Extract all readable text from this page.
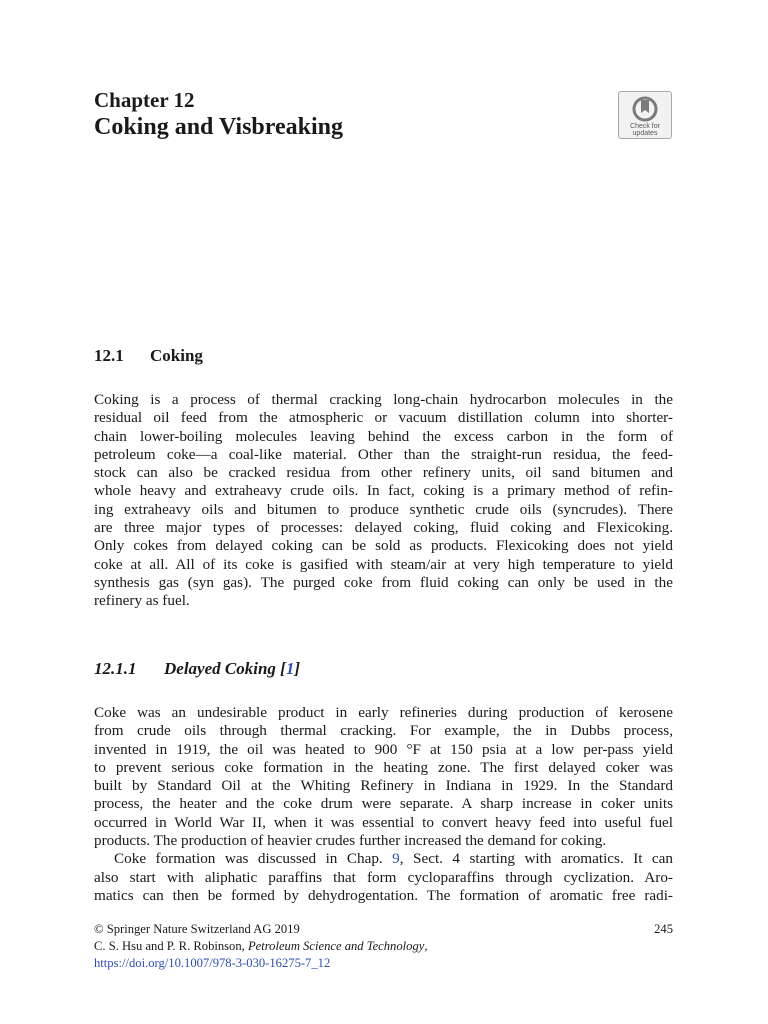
Chapter 12
Coking and Visbreaking	Check for
updates
12.1 Coking
Coking is a process of thermal cracking long-chain hydrocarbon molecules in the
residual oil feed from the atmospheric or vacuum distillation column into shorter-
chain lower-boiling molecules leaving behind the excess carbon in the form of
petroleum coke—a coal-like material. Other than the straight-run residua, the feed-
stock can also be cracked residua from other refinery units, oil sand bitumen and
whole heavy and extraheavy crude oils. In fact, coking is a primary method of refin-
ing extraheavy oils and bitumen to produce synthetic crude oils (syncrudes). There
are three major types of processes: delayed coking, fluid coking and Flexicoking.
Only cokes from delayed coking can be sold as products. Flexicoking does not yield
coke at all. All of its coke is gasified with steam/air at very high temperature to yield
synthesis gas (syn gas). The purged coke from fluid coking can only be used in the
refinery as fuel.
12.1.1 Delayed Coking [1]
Coke was an undesirable product in early refineries during production of kerosene
from crude oils through thermal cracking. For example, the in Dubbs process,
invented in 1919, the oil was heated to 900 °F at 150 psia at a low per-pass yield
to prevent serious coke formation in the heating zone. The first delayed coker was
built by Standard Oil at the Whiting Refinery in Indiana in 1929. In the Standard
process, the heater and the coke drum were separate. A sharp increase in coker units
occurred in World War II, when it was essential to convert heavy feed into useful fuel
products. The production of heavier crudes further increased the demand for coking.
Coke formation was discussed in Chap. 9, Sect. 4 starting with aromatics. It can
also start with aliphatic paraffins that form cycloparaffins through cyclization. Aro-
matics can then be formed by dehydrogentation. The formation of aromatic free radi-
© Springer Nature Switzerland AG 2019	245
C. S. Hsu and P. R. Robinson, Petroleum Science and Technology,
https://doi.org/10.1007/978-3-030-16275-7_12
